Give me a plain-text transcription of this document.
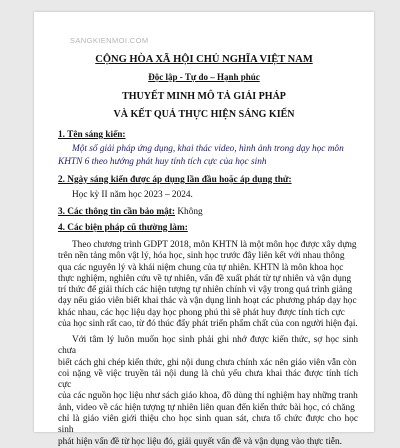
SANGKIENMOI.COM
CỘNG HÒA XÃ HỘI CHỦ NGHĨA VIỆT NAM
Độc lập - Tự do – Hạnh phúc
THUYẾT MINH MÔ TẢ GIẢI PHÁP
VÀ KẾT QUẢ THỰC HIỆN SÁNG KIẾN
1. Tên sáng kiến:
Một số giải pháp ứng dụng, khai thác video, hình ảnh trong dạy học môn
KHTN 6 theo hướng phát huy tính tích cực của học sinh
2. Ngày sáng kiến được áp dụng lần đầu hoặc áp dụng thử:
Học kỳ II năm học 2023 – 2024.
3. Các thông tin cần bảo mật: Không
4. Các biện pháp cũ thường làm:
Theo chương trình GDPT 2018, môn KHTN là một môn học được xây dựng
trên nền tảng môn vật lý, hóa học, sinh học trước đây liên kết với nhau thông
qua các nguyên lý và khái niệm chung của tự nhiên. KHTN là môn khoa học
thực nghiệm, nghiên cứu về tự nhiên, vấn đề xuất phát từ tự nhiên và vận dụng
trí thức để giải thích các hiện tượng tự nhiên chính vì vậy trong quá trình giảng
dạy nếu giáo viên biết khai thác và vận dụng linh hoạt các phương pháp dạy học
khác nhau, các học liệu dạy học phong phú thì sẽ phát huy được tính tích cực
của học sinh rất cao, từ đó thúc đẩy phát triển phẩm chất của con người hiện đại.
Với tâm lý luôn muốn học sinh phải ghi nhớ được kiến thức, sợ học sinh chưa
biết cách ghi chép kiến thức, ghi nội dung chưa chính xác nên giáo viên vẫn còn
coi nặng về việc truyền tải nội dung là chủ yếu chưa khai thác được tính tích cực
của các nguồn học liệu như sách giáo khoa, đồ dùng thí nghiệm hay những tranh
ảnh, video về các hiện tượng tự nhiên liên quan đến kiến thức bài học, có chăng
chỉ là giáo viên giới thiệu cho học sinh quan sát, chưa tổ chức được cho học sinh
phát hiện vấn đề từ học liệu đó, giải quyết vấn đề và vận dụng vào thực tiễn.
